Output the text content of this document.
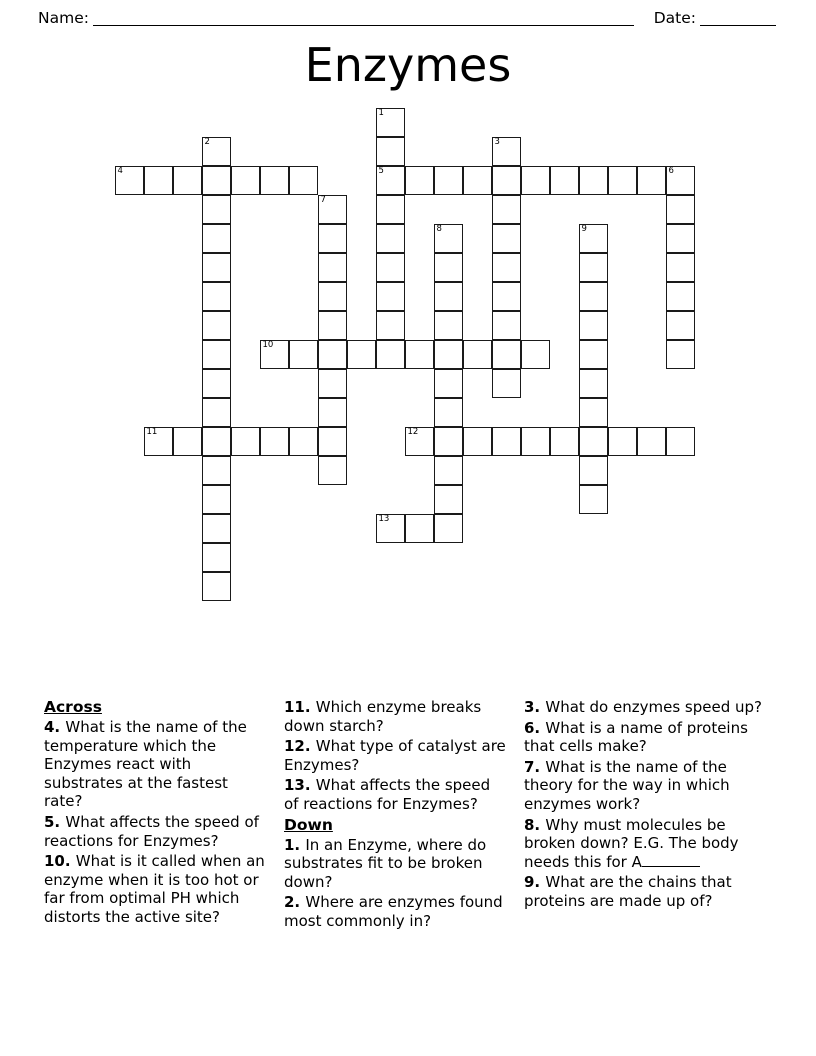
Name:	Date:
Enzymes
1
5
2	3
4	6
7
8	9
10
11	12
13
Across
4. What is the name of the temperature which the Enzymes react with substrates at the fastest rate?
5. What affects the speed of reactions for Enzymes?
10. What is it called when an enzyme when it is too hot or far from optimal PH which distorts the active site?
11. Which enzyme breaks down starch?
12. What type of catalyst are Enzymes?
13. What affects the speed of reactions for Enzymes?
Down
1. In an Enzyme, where do substrates fit to be broken down?
2. Where are enzymes found most commonly in?
3. What do enzymes speed up?
6. What is a name of proteins that cells make?
7. What is the name of the theory for the way in which enzymes work?
8. Why must molecules be broken down? E.G. The body needs this for A
9. What are the chains that proteins are made up of?
